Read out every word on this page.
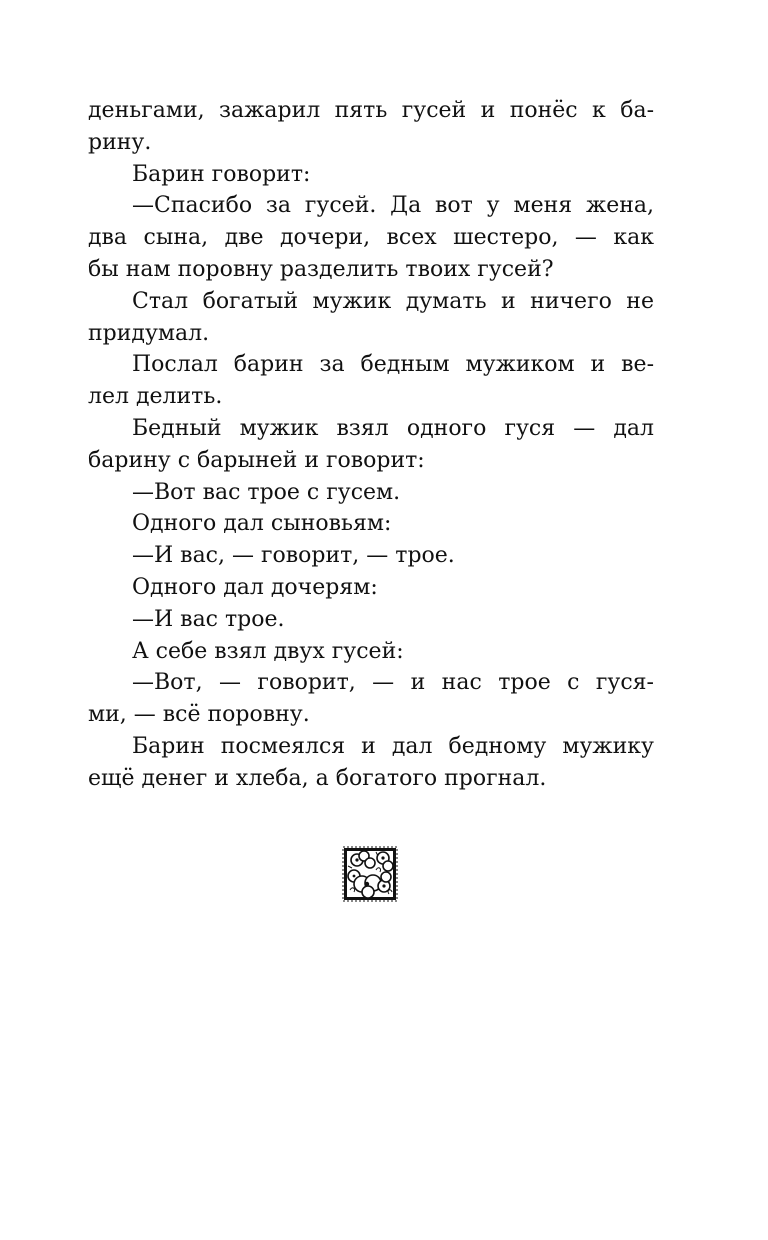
деньгами, зажарил пять гусей и понёс к ба-
рину.
Барин говорит:
—Спасибо за гусей. Да вот у меня жена,
два сына, две дочери, всех шестеро, — как
бы нам поровну разделить твоих гусей?
Стал богатый мужик думать и ничего не
придумал.
Послал барин за бедным мужиком и ве-
лел делить.
Бедный мужик взял одного гуся — дал
барину с барыней и говорит:
—Вот вас трое с гусем.
Одного дал сыновьям:
—И вас, — говорит, — трое.
Одного дал дочерям:
—И вас трое.
А себе взял двух гусей:
—Вот, — говорит, — и нас трое с гуся-
ми, — всё поровну.
Барин посмеялся и дал бедному мужику
ещё денег и хлеба, а богатого прогнал.
